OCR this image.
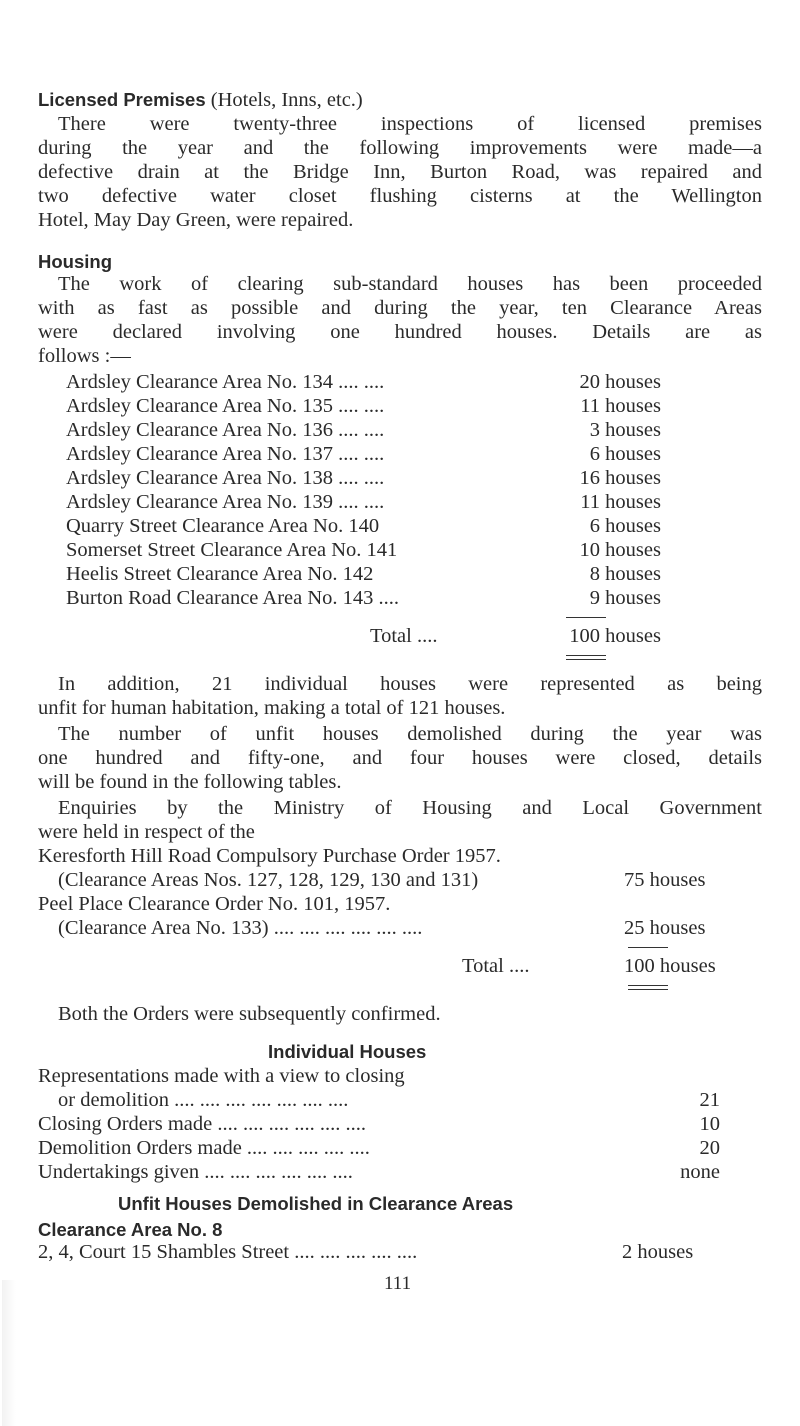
Licensed Premises (Hotels, Inns, etc.)
There were twenty-three inspections of licensed premises
during the year and the following improvements were made—a
defective drain at the Bridge Inn, Burton Road, was repaired and
two defective water closet flushing cisterns at the Wellington
Hotel, May Day Green, were repaired.
Housing
The work of clearing sub-standard houses has been proceeded
with as fast as possible and during the year, ten Clearance Areas
were declared involving one hundred houses. Details are as
follows :—
Ardsley Clearance Area No. 134 .... ....	20 houses
Ardsley Clearance Area No. 135 .... ....	11 houses
Ardsley Clearance Area No. 136 .... ....	3 houses
Ardsley Clearance Area No. 137 .... ....	6 houses
Ardsley Clearance Area No. 138 .... ....	16 houses
Ardsley Clearance Area No. 139 .... ....	11 houses
Quarry Street Clearance Area No. 140	6 houses
Somerset Street Clearance Area No. 141	10 houses
Heelis Street Clearance Area No. 142	8 houses
Burton Road Clearance Area No. 143 ....	9 houses
Total ....	100 houses
In addition, 21 individual houses were represented as being
unfit for human habitation, making a total of 121 houses.
The number of unfit houses demolished during the year was
one hundred and fifty-one, and four houses were closed, details
will be found in the following tables.
Enquiries by the Ministry of Housing and Local Government
were held in respect of the
Keresforth Hill Road Compulsory Purchase Order 1957.
(Clearance Areas Nos. 127, 128, 129, 130 and 131)	75 houses
Peel Place Clearance Order No. 101, 1957.
(Clearance Area No. 133) .... .... .... .... .... ....	25 houses
Total ....	100 houses
Both the Orders were subsequently confirmed.
Individual Houses
Representations made with a view to closing
or demolition .... .... .... .... .... .... ....	21
Closing Orders made .... .... .... .... .... ....	10
Demolition Orders made .... .... .... .... ....	20
Undertakings given .... .... .... .... .... ....	none
Unfit Houses Demolished in Clearance Areas
Clearance Area No. 8
2, 4, Court 15 Shambles Street .... .... .... .... ....	2 houses
111
